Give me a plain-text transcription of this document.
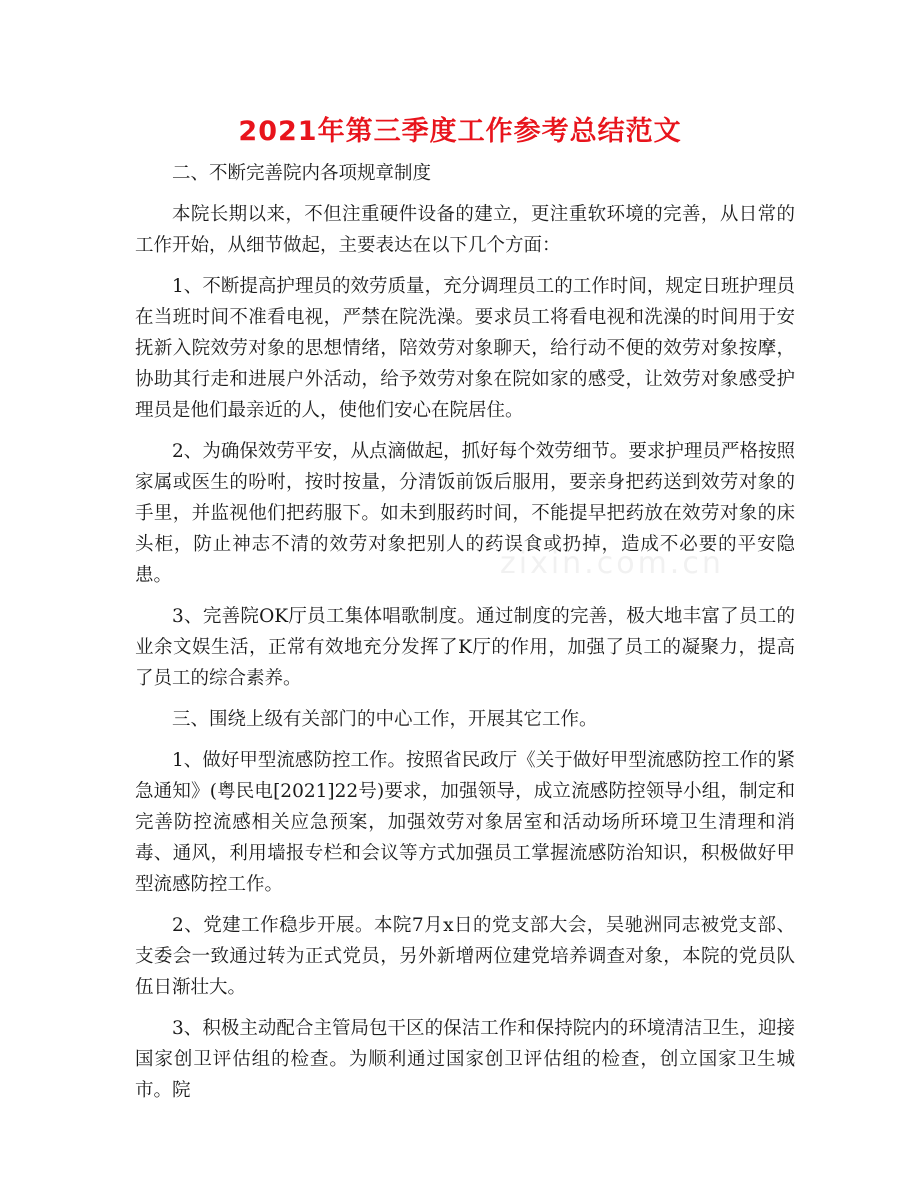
2021年第三季度工作参考总结范文
zixin.com.cn

二、不断完善院内各项规章制度

本院长期以来，不但注重硬件设备的建立，更注重软环境的完善，从日常的工作开始，从细节做起，主要表达在以下几个方面：

1、不断提高护理员的效劳质量，充分调理员工的工作时间，规定日班护理员在当班时间不准看电视，严禁在院洗澡。要求员工将看电视和洗澡的时间用于安抚新入院效劳对象的思想情绪，陪效劳对象聊天，给行动不便的效劳对象按摩，协助其行走和进展户外活动，给予效劳对象在院如家的感受，让效劳对象感受护理员是他们最亲近的人，使他们安心在院居住。

2、为确保效劳平安，从点滴做起，抓好每个效劳细节。要求护理员严格按照家属或医生的吩咐，按时按量，分清饭前饭后服用，要亲身把药送到效劳对象的手里，并监视他们把药服下。如未到服药时间，不能提早把药放在效劳对象的床头柜，防止神志不清的效劳对象把别人的药误食或扔掉，造成不必要的平安隐患。

3、完善院OK厅员工集体唱歌制度。通过制度的完善，极大地丰富了员工的业余文娱生活，正常有效地充分发挥了K厅的作用，加强了员工的凝聚力，提高了员工的综合素养。

三、围绕上级有关部门的中心工作，开展其它工作。

1、做好甲型流感防控工作。按照省民政厅《关于做好甲型流感防控工作的紧急通知》(粤民电[2021]22号)要求，加强领导，成立流感防控领导小组，制定和完善防控流感相关应急预案，加强效劳对象居室和活动场所环境卫生清理和消毒、通风，利用墙报专栏和会议等方式加强员工掌握流感防治知识，积极做好甲型流感防控工作。

2、党建工作稳步开展。本院7月x日的党支部大会，吴驰洲同志被党支部、支委会一致通过转为正式党员，另外新增两位建党培养调查对象，本院的党员队伍日渐壮大。

3、积极主动配合主管局包干区的保洁工作和保持院内的环境清洁卫生，迎接国家创卫评估组的检查。为顺利通过国家创卫评估组的检查，创立国家卫生城市。院
